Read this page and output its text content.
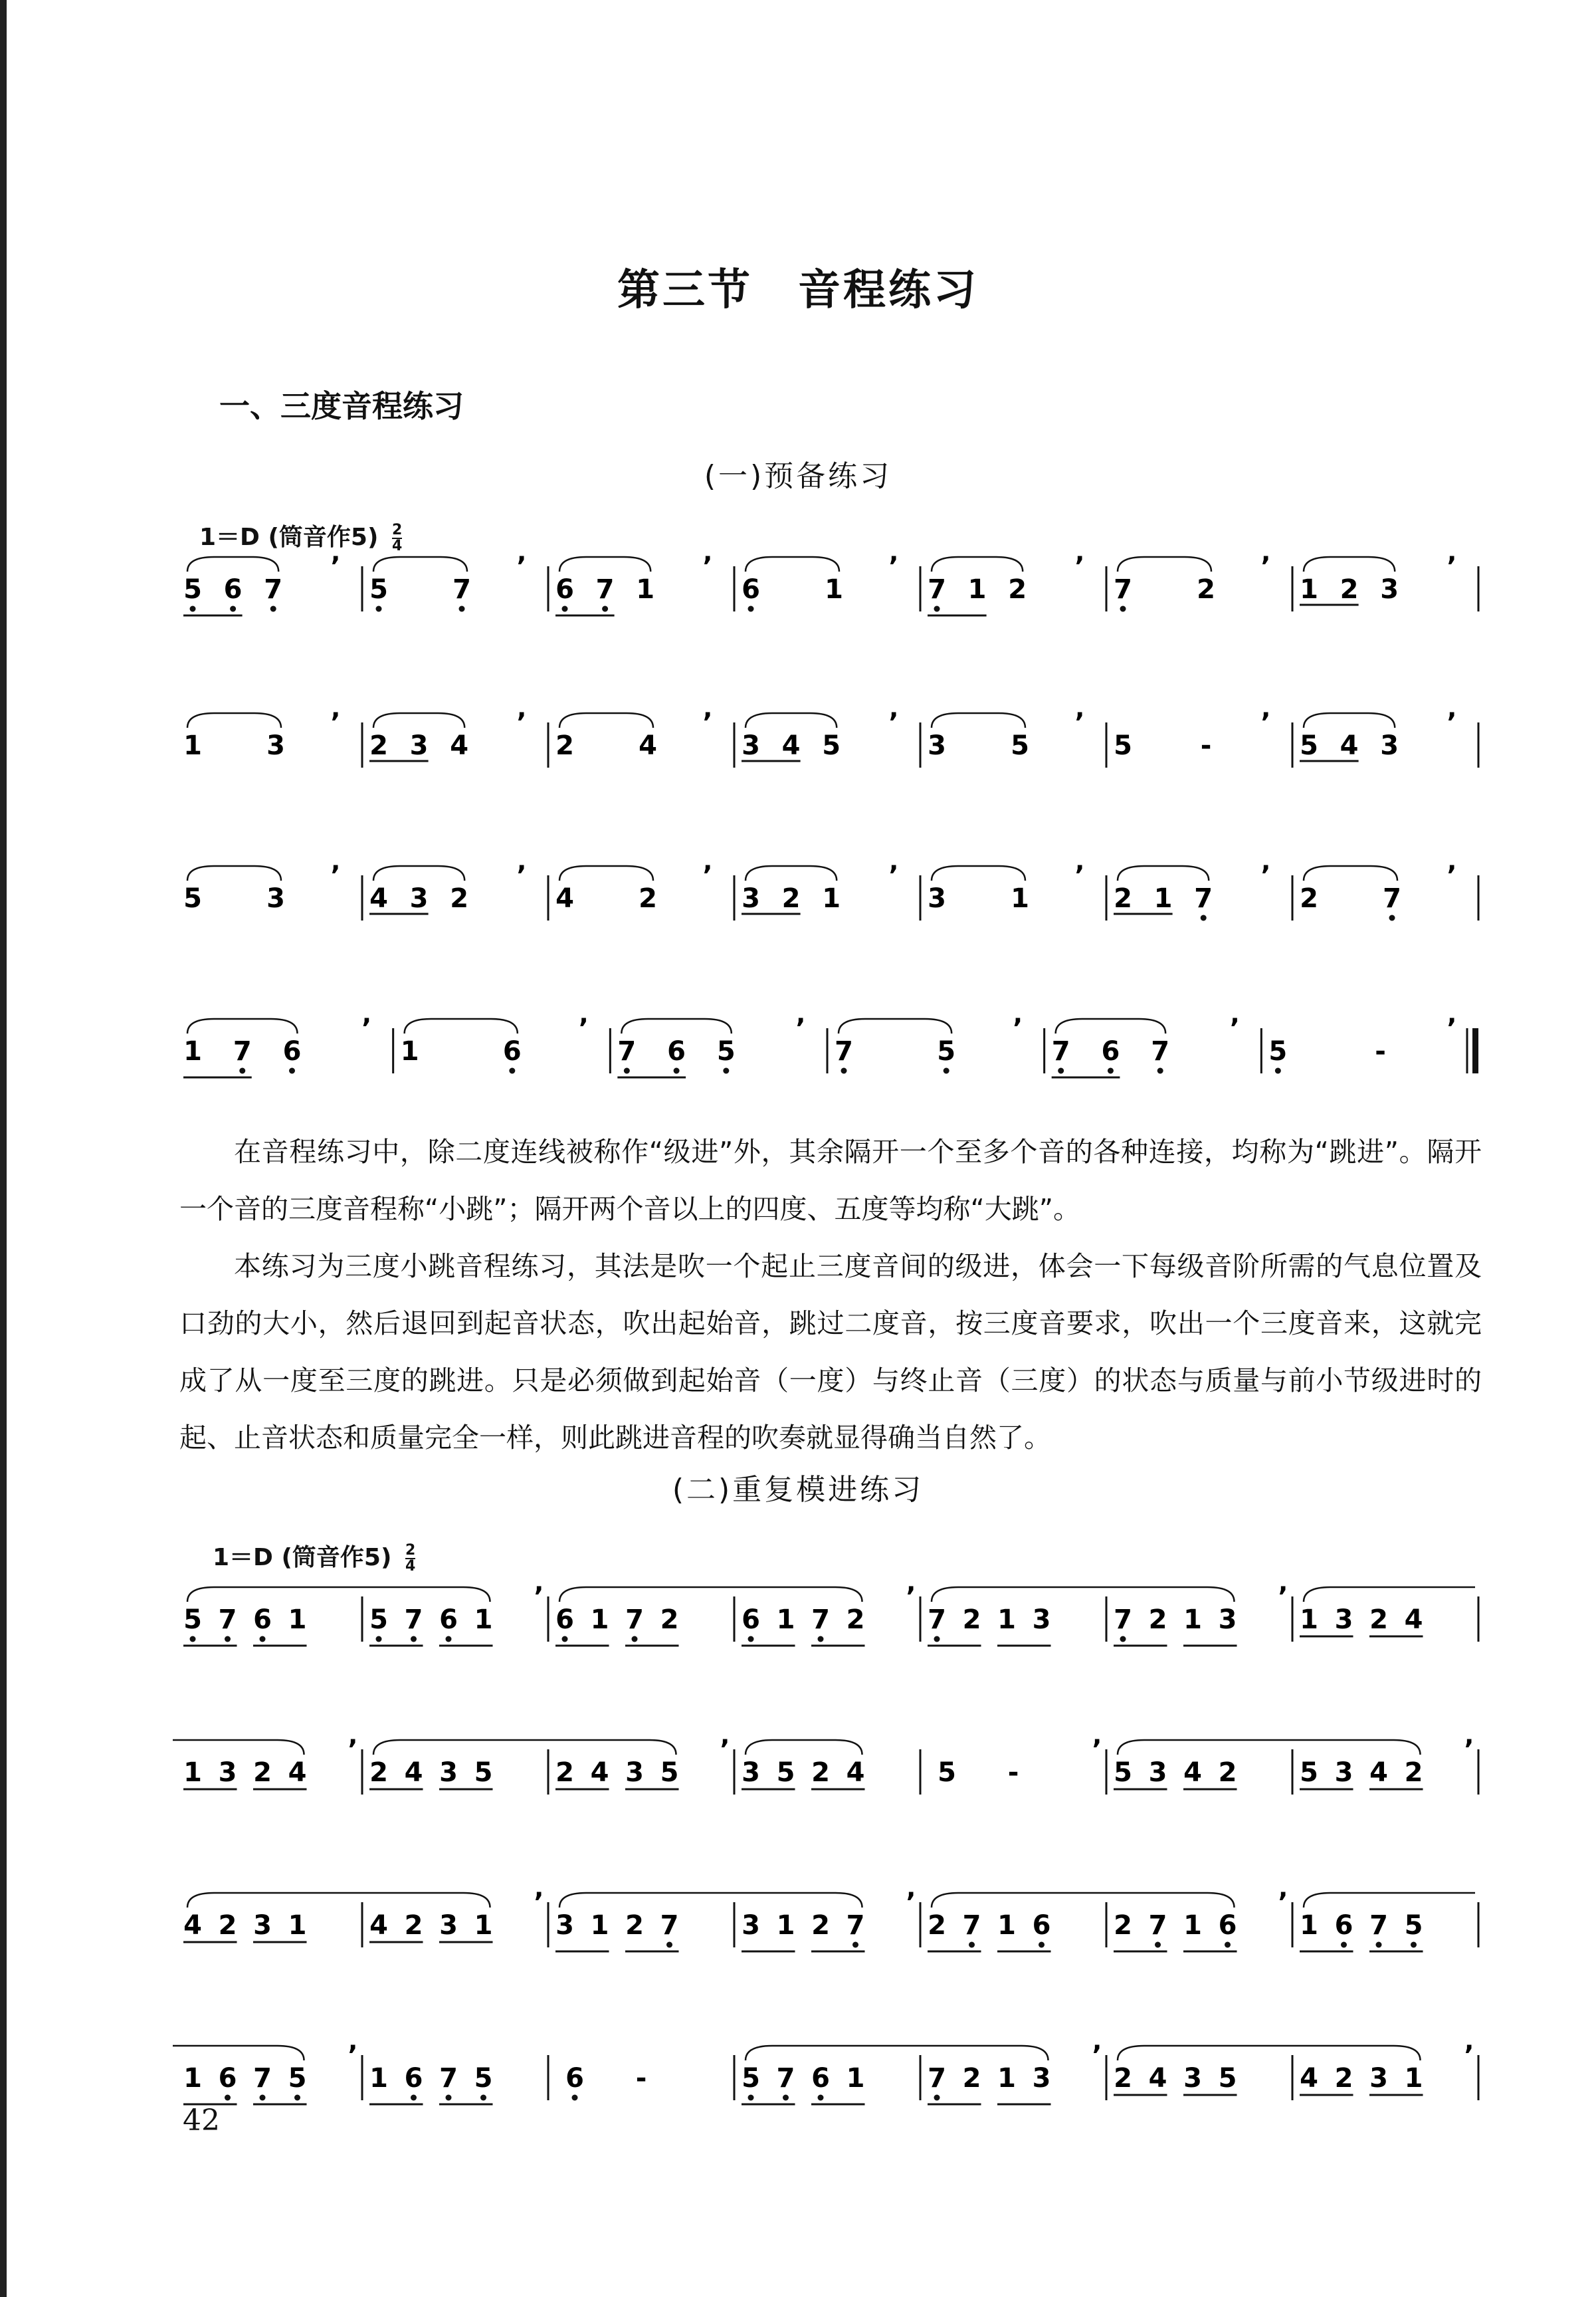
第三节　音程练习
一、三度音程练习
(一)预备练习
1＝D (筒音作$5) \frac{2}{4}$
在音程练习中，除二度连线被称作“级进”外，其余隔开一个至多个音的各种连接，均称为“跳进”。隔开一个音的三度音程称“小跳”；隔开两个音以上的四度、五度等均称“大跳”。
本练习为三度小跳音程练习，其法是吹一个起止三度音间的级进，体会一下每级音阶所需的气息位置及口劲的大小，然后退回到起音状态，吹出起始音，跳过二度音，按三度音要求，吹出一个三度音来，这就完成了从一度至三度的跳进。只是必须做到起始音（一度）与终止音（三度）的状态与质量与前小节级进时的起、止音状态和质量完全一样，则此跳进音程的吹奏就显得确当自然了。
(二)重复模进练习
1＝D (筒音作$5) \frac{2}{4}$
5 6 7
’
5 7
’
6 7 1
’
6 1
’
7 1 2
’
7 2
’
1 2 3
’
1 3
’
2 3 4
’
2 4
’
3 4 5
’
3 5
’
5	-
’
5 4 3
’
5 3
’
4 3 2
’
4 2
’
3 2 1
’
3 1
’
2 1 7
’
2 7
’
1 7 6
’
1	6
’
7 6 5
’
7	5
’
7 6 7
’
5	-
’
5 7 6 1 5 7 6 1
’
6 1 7 2 6 1 7 2
’
7 2 1 3 7 2 1 3
’
1 3 2 4
1 3 2 4
’
2 4 3 5 2 4 3 5
’
3 5 2 4	5 -
’
5 3 4 2 5 3 4 2
’
4 2 3 1 4 2 3 1
’
3 1 2 7 3 1 2 7
’
2 7 1 6 2 7 1 6
’
1 6 7 5
1 6 7 5
’
1 6 7 5	6 -	5 7 6 1 7 2 1 3
’
2 4 3 5 4 2 3 1
’
42
